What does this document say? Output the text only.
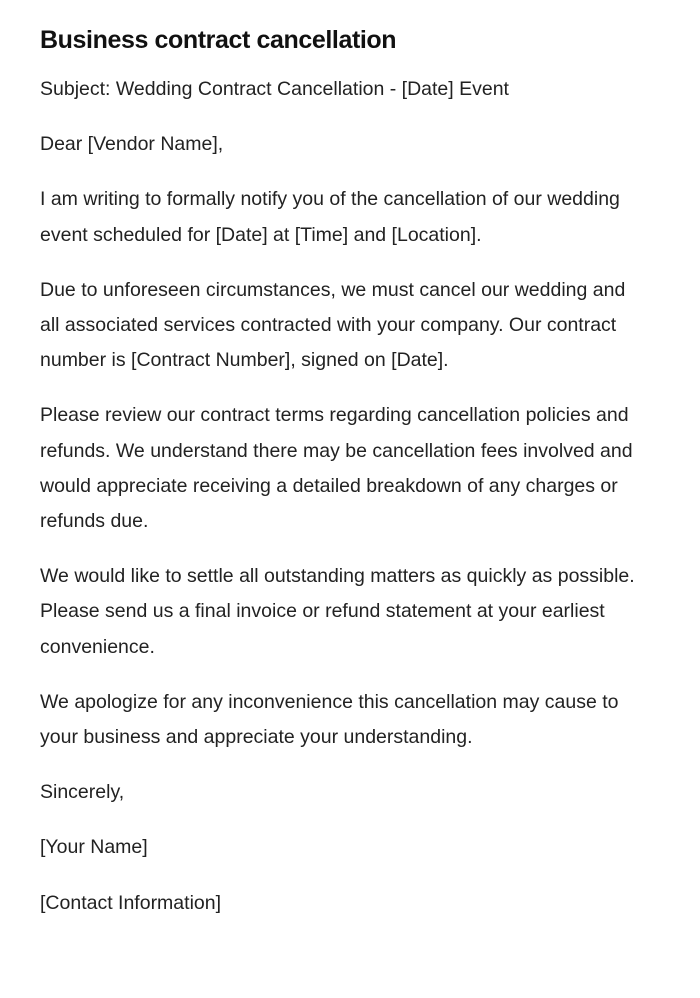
Business contract cancellation

Subject: Wedding Contract Cancellation - [Date] Event

Dear [Vendor Name],

I am writing to formally notify you of the cancellation of our wedding event scheduled for [Date] at [Time] and [Location].

Due to unforeseen circumstances, we must cancel our wedding and all associated services contracted with your company. Our contract number is [Contract Number], signed on [Date].

Please review our contract terms regarding cancellation policies and refunds. We understand there may be cancellation fees involved and would appreciate receiving a detailed breakdown of any charges or refunds due.

We would like to settle all outstanding matters as quickly as possible. Please send us a final invoice or refund statement at your earliest convenience.

We apologize for any inconvenience this cancellation may cause to your business and appreciate your understanding.

Sincerely,

[Your Name]

[Contact Information]
